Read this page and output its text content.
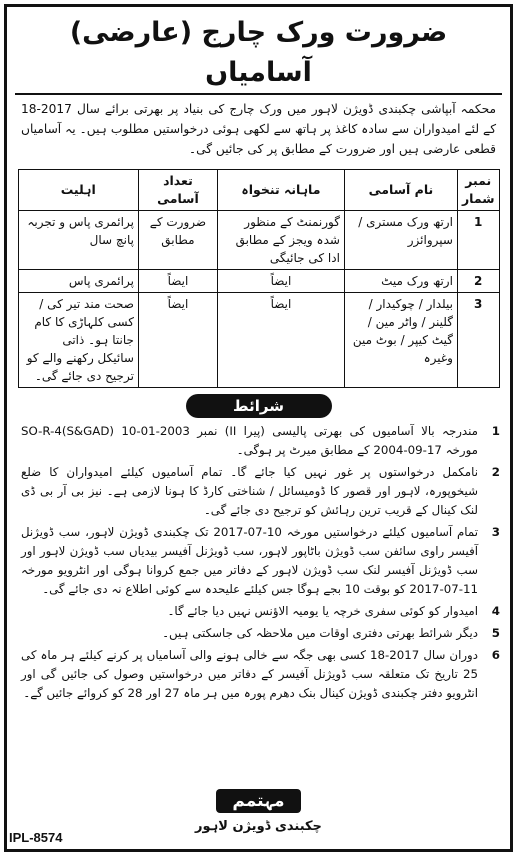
ضرورت ورک چارج (عارضی) آسامیاں
محکمہ آبپاشی چکبندی ڈویژن لاہور میں ورک چارج کی بنیاد پر بھرتی برائے سال 2017-18 کے لئے امیدواران سے سادہ کاغذ پر ہاتھ سے لکھی ہوئی درخواستیں مطلوب ہیں۔ یہ آسامیاں قطعی عارضی ہیں اور ضرورت کے مطابق پر کی جائیں گی۔
نمبر شمار	نام آسامی	ماہانہ تنخواہ	تعداد آسامی	اہلیت
1	ارتھ ورک مستری / سپروائزر	گورنمنٹ کے منظور شدہ ویجز کے مطابق ادا کی جائیگی	ضرورت کے مطابق	پرائمری پاس و تجربہ پانچ سال
2	ارتھ ورک میٹ	ایضاً	ایضاً	پرائمری پاس
3	بیلدار / چوکیدار / گلینر / واٹر مین / گیٹ کیپر / بوٹ مین وغیرہ	ایضاً	ایضاً	صحت مند تیر کی / کسی کلہاڑی کا کام جانتا ہو۔ ذاتی سائیکل رکھنے والے کو ترجیح دی جائے گی۔
شرائط
1
مندرجہ بالا آسامیوں کی بھرتی پالیسی (پیرا II) نمبر SO-R-4(S&GAD) 10-01-2003 مورخہ 17-09-2004 کے مطابق میرٹ پر ہوگی۔
2
نامکمل درخواستوں پر غور نہیں کیا جائے گا۔ تمام آسامیوں کیلئے امیدواران کا ضلع شیخوپورہ، لاہور اور قصور کا ڈومیسائل / شناختی کارڈ کا ہونا لازمی ہے۔ نیز بی آر بی ڈی لنک کینال کے قریب ترین رہائش کو ترجیح دی جائے گی۔
3
تمام آسامیوں کیلئے درخواستیں مورخہ 10-07-2017 تک چکبندی ڈویژن لاہور، سب ڈویژنل آفیسر راوی سائفن سب ڈویژن باٹاپور لاہور، سب ڈویژنل آفیسر بیدیاں سب ڈویژن لاہور اور سب ڈویژنل آفیسر لنک سب ڈویژن لاہور کے دفاتر میں جمع کروانا ہوگی اور انٹرویو مورخہ 11-07-2017 کو بوقت 10 بجے ہوگا جس کیلئے علیحدہ سے کوئی اطلاع نہ دی جائے گی۔
4
امیدوار کو کوئی سفری خرچہ یا یومیہ الاؤنس نہیں دیا جائے گا۔
5
دیگر شرائط بھرتی دفتری اوقات میں ملاحظہ کی جاسکتی ہیں۔
6
دوران سال 2017-18 کسی بھی جگہ سے خالی ہونے والی آسامیاں پر کرنے کیلئے ہر ماہ کی 25 تاریخ تک متعلقہ سب ڈویژنل آفیسر کے دفاتر میں درخواستیں وصول کی جائیں گی اور انٹرویو دفتر چکبندی ڈویژن کینال بنک دھرم پورہ میں ہر ماہ 27 اور 28 کو کروائے جائیں گے۔
مہتمم
چکبندی ڈویژن لاہور
IPL-8574
